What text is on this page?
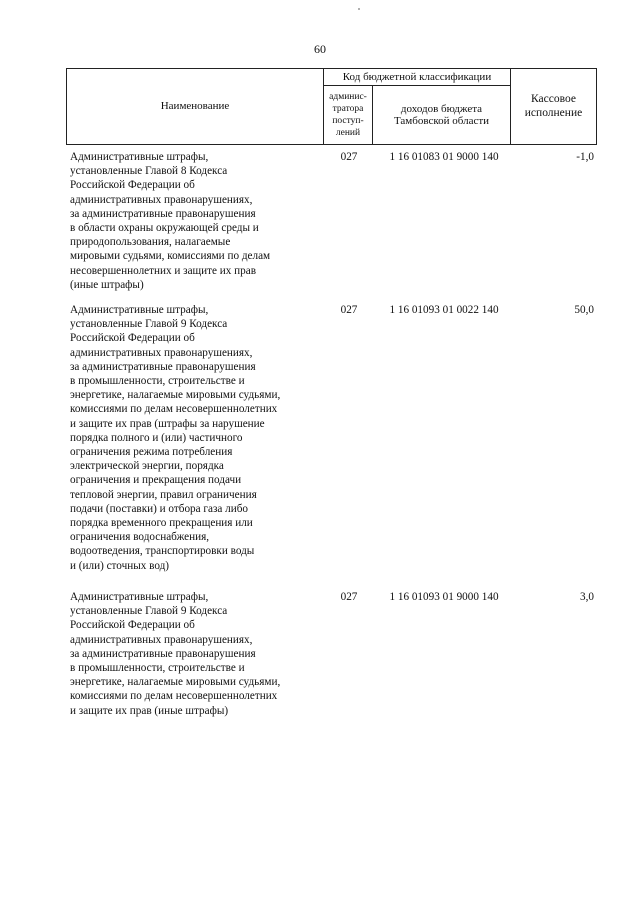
60
Наименование
Код бюджетной классификации
админис-
тратора
поступ-
лений
доходов бюджета
Тамбовской области
Кассовое
исполнение
Административные штрафы,
установленные Главой 8 Кодекса
Российской Федерации об
административных правонарушениях,
за административные правонарушения
в области охраны окружающей среды и
природопользования, налагаемые
мировыми судьями, комиссиями по делам
несовершеннолетних и защите их прав
(иные штрафы)
027	1 16 01083 01 9000 140	-1,0
Административные штрафы,
установленные Главой 9 Кодекса
Российской Федерации об
административных правонарушениях,
за административные правонарушения
в промышленности, строительстве и
энергетике, налагаемые мировыми судьями,
комиссиями по делам несовершеннолетних
и защите их прав (штрафы за нарушение
порядка полного и (или) частичного
ограничения режима потребления
электрической энергии, порядка
ограничения и прекращения подачи
тепловой энергии, правил ограничения
подачи (поставки) и отбора газа либо
порядка временного прекращения или
ограничения водоснабжения,
водоотведения, транспортировки воды
и (или) сточных вод)
027	1 16 01093 01 0022 140	50,0
Административные штрафы,
установленные Главой 9 Кодекса
Российской Федерации об
административных правонарушениях,
за административные правонарушения
в промышленности, строительстве и
энергетике, налагаемые мировыми судьями,
комиссиями по делам несовершеннолетних
и защите их прав (иные штрафы)
027	1 16 01093 01 9000 140	3,0
